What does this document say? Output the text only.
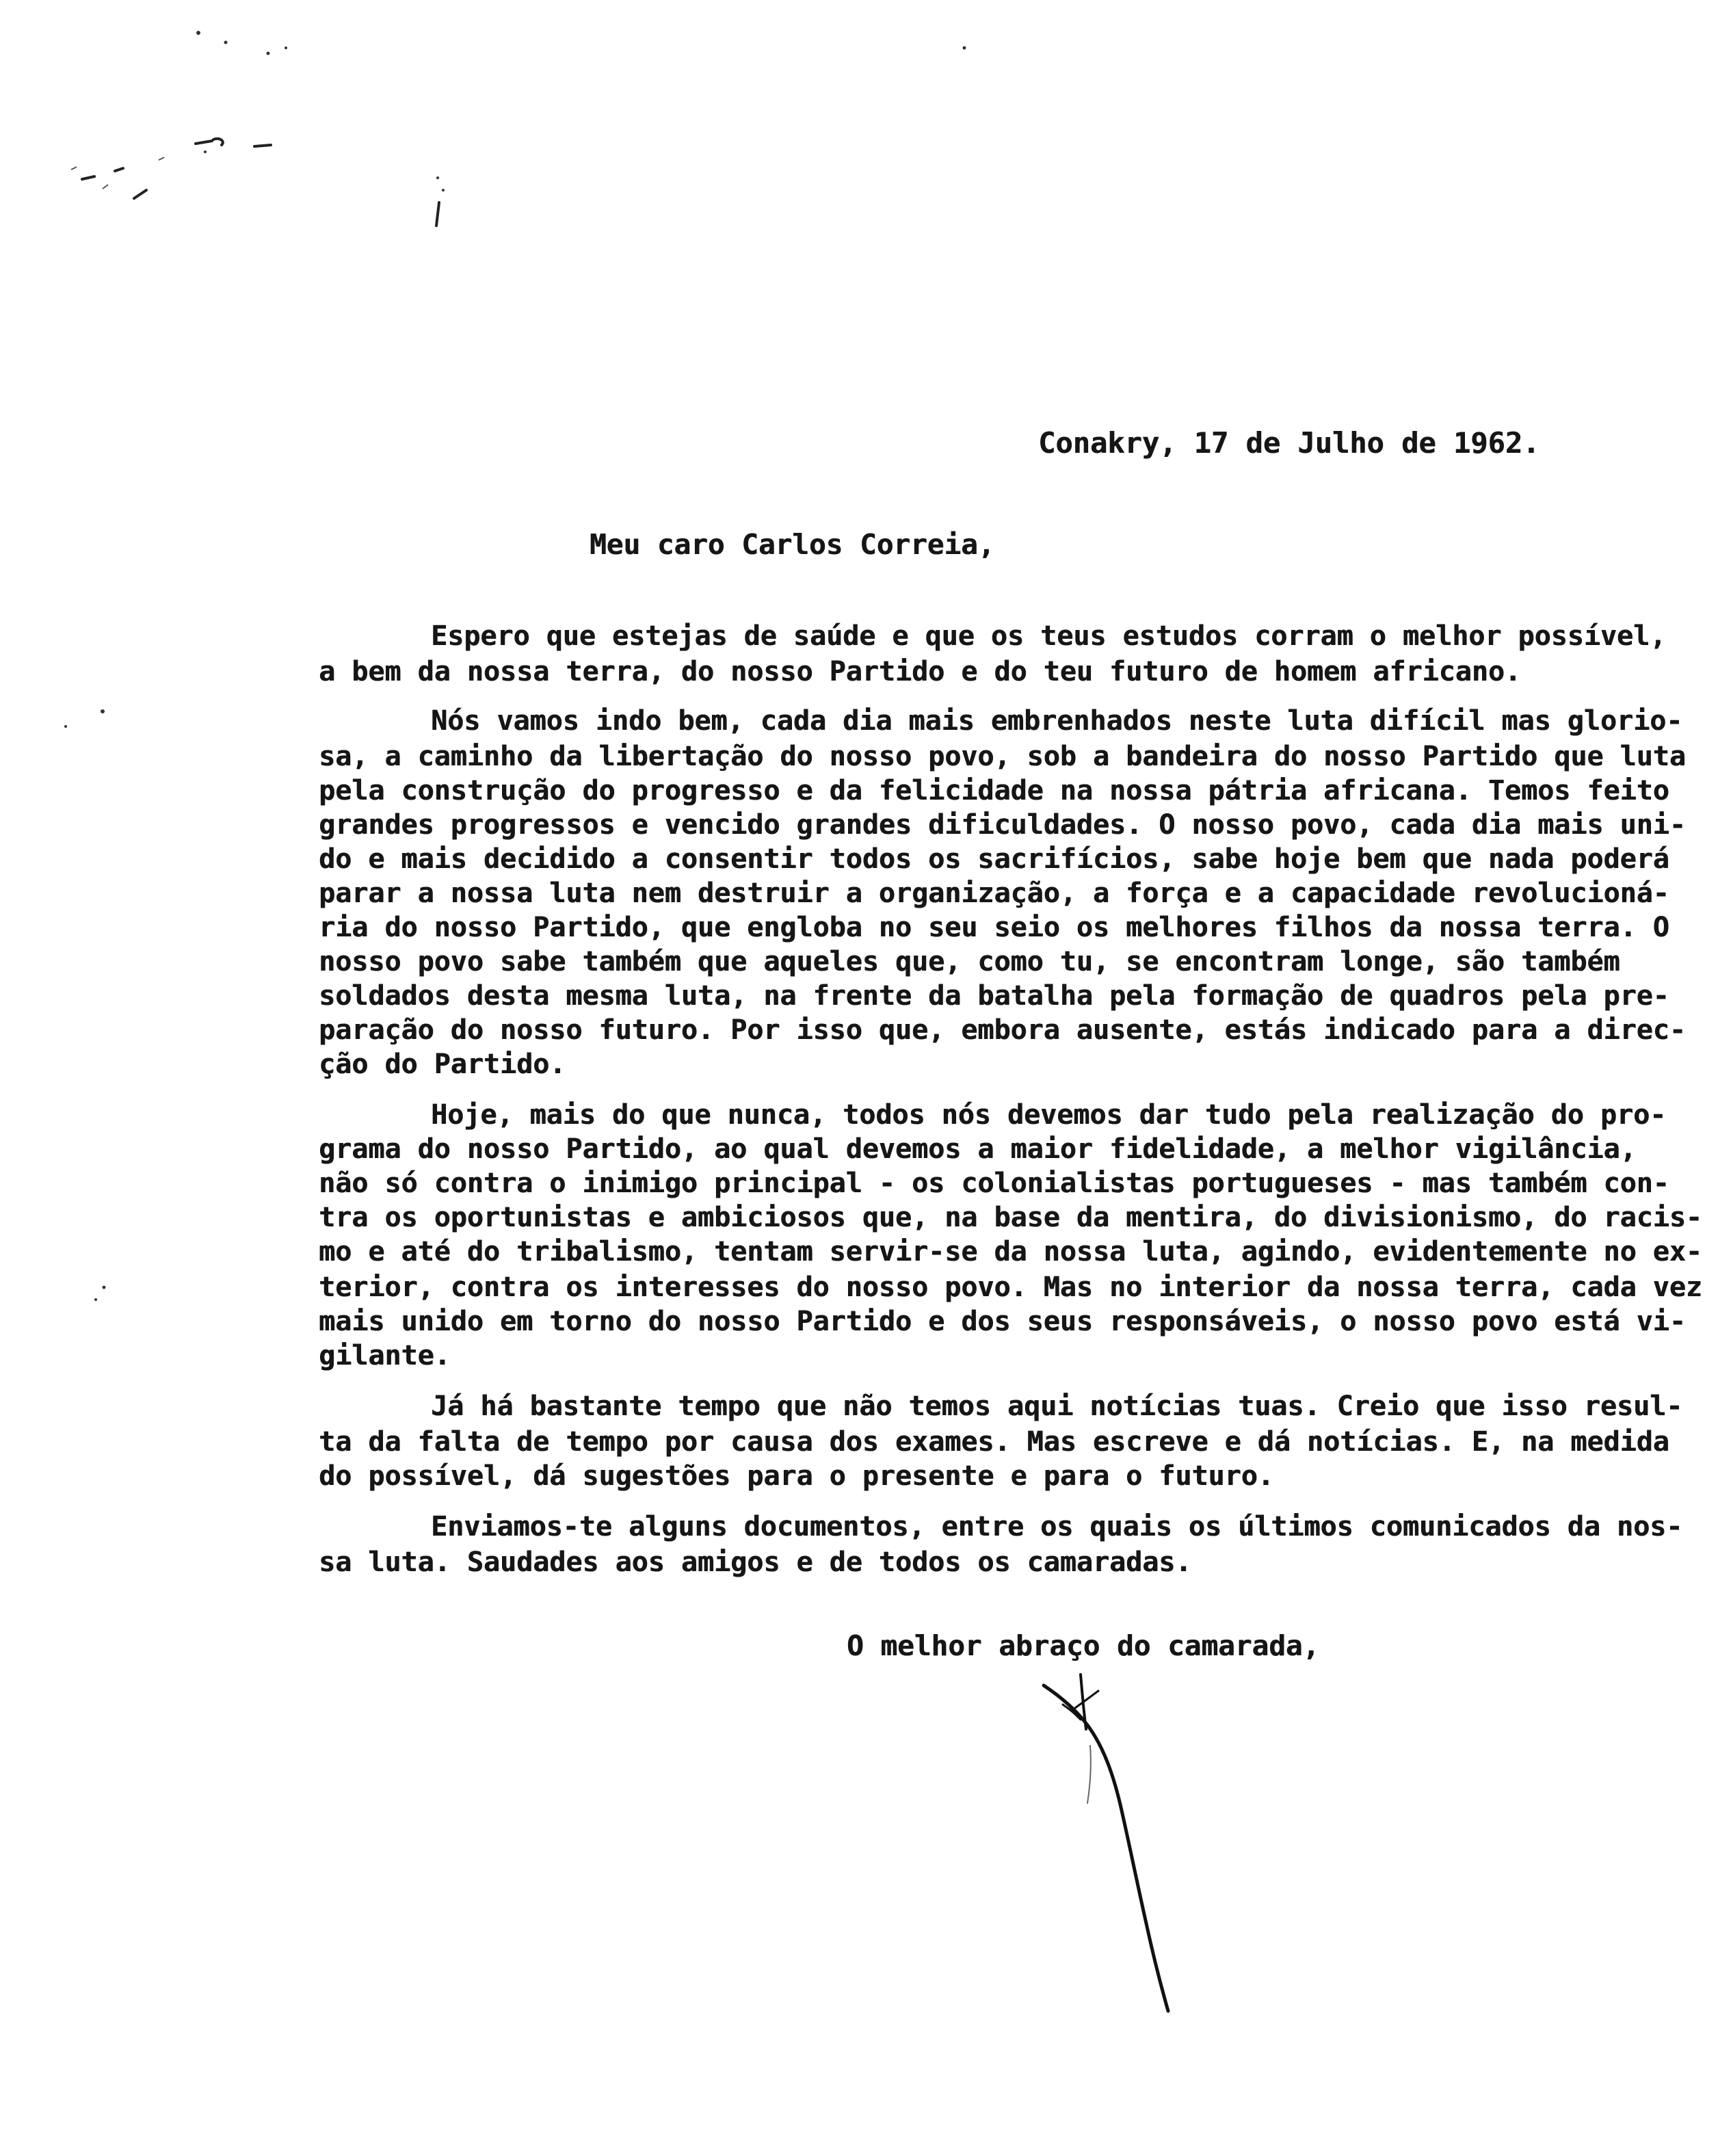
Conakry, 17 de Julho de 1962.
Meu caro Carlos Correia,
Espero que estejas de saúde e que os teus estudos corram o melhor possível,
a bem da nossa terra, do nosso Partido e do teu futuro de homem africano.
Nós vamos indo bem, cada dia mais embrenhados neste luta difícil mas glorio-
sa, a caminho da libertação do nosso povo, sob a bandeira do nosso Partido que luta
pela construção do progresso e da felicidade na nossa pátria africana. Temos feito
grandes progressos e vencido grandes dificuldades. O nosso povo, cada dia mais uni-
do e mais decidido a consentir todos os sacrifícios, sabe hoje bem que nada poderá
parar a nossa luta nem destruir a organização, a força e a capacidade revolucioná-
ria do nosso Partido, que engloba no seu seio os melhores filhos da nossa terra. O
nosso povo sabe também que aqueles que, como tu, se encontram longe, são também
soldados desta mesma luta, na frente da batalha pela formação de quadros pela pre-
paração do nosso futuro. Por isso que, embora ausente, estás indicado para a direc-
ção do Partido.
Hoje, mais do que nunca, todos nós devemos dar tudo pela realização do pro-
grama do nosso Partido, ao qual devemos a maior fidelidade, a melhor vigilância,
não só contra o inimigo principal - os colonialistas portugueses - mas também con-
tra os oportunistas e ambiciosos que, na base da mentira, do divisionismo, do racis-
mo e até do tribalismo, tentam servir-se da nossa luta, agindo, evidentemente no ex-
terior, contra os interesses do nosso povo. Mas no interior da nossa terra, cada vez
mais unido em torno do nosso Partido e dos seus responsáveis, o nosso povo está vi-
gilante.
Já há bastante tempo que não temos aqui notícias tuas. Creio que isso resul-
ta da falta de tempo por causa dos exames. Mas escreve e dá notícias. E, na medida
do possível, dá sugestões para o presente e para o futuro.
Enviamos-te alguns documentos, entre os quais os últimos comunicados da nos-
sa luta. Saudades aos amigos e de todos os camaradas.
O melhor abraço do camarada,
